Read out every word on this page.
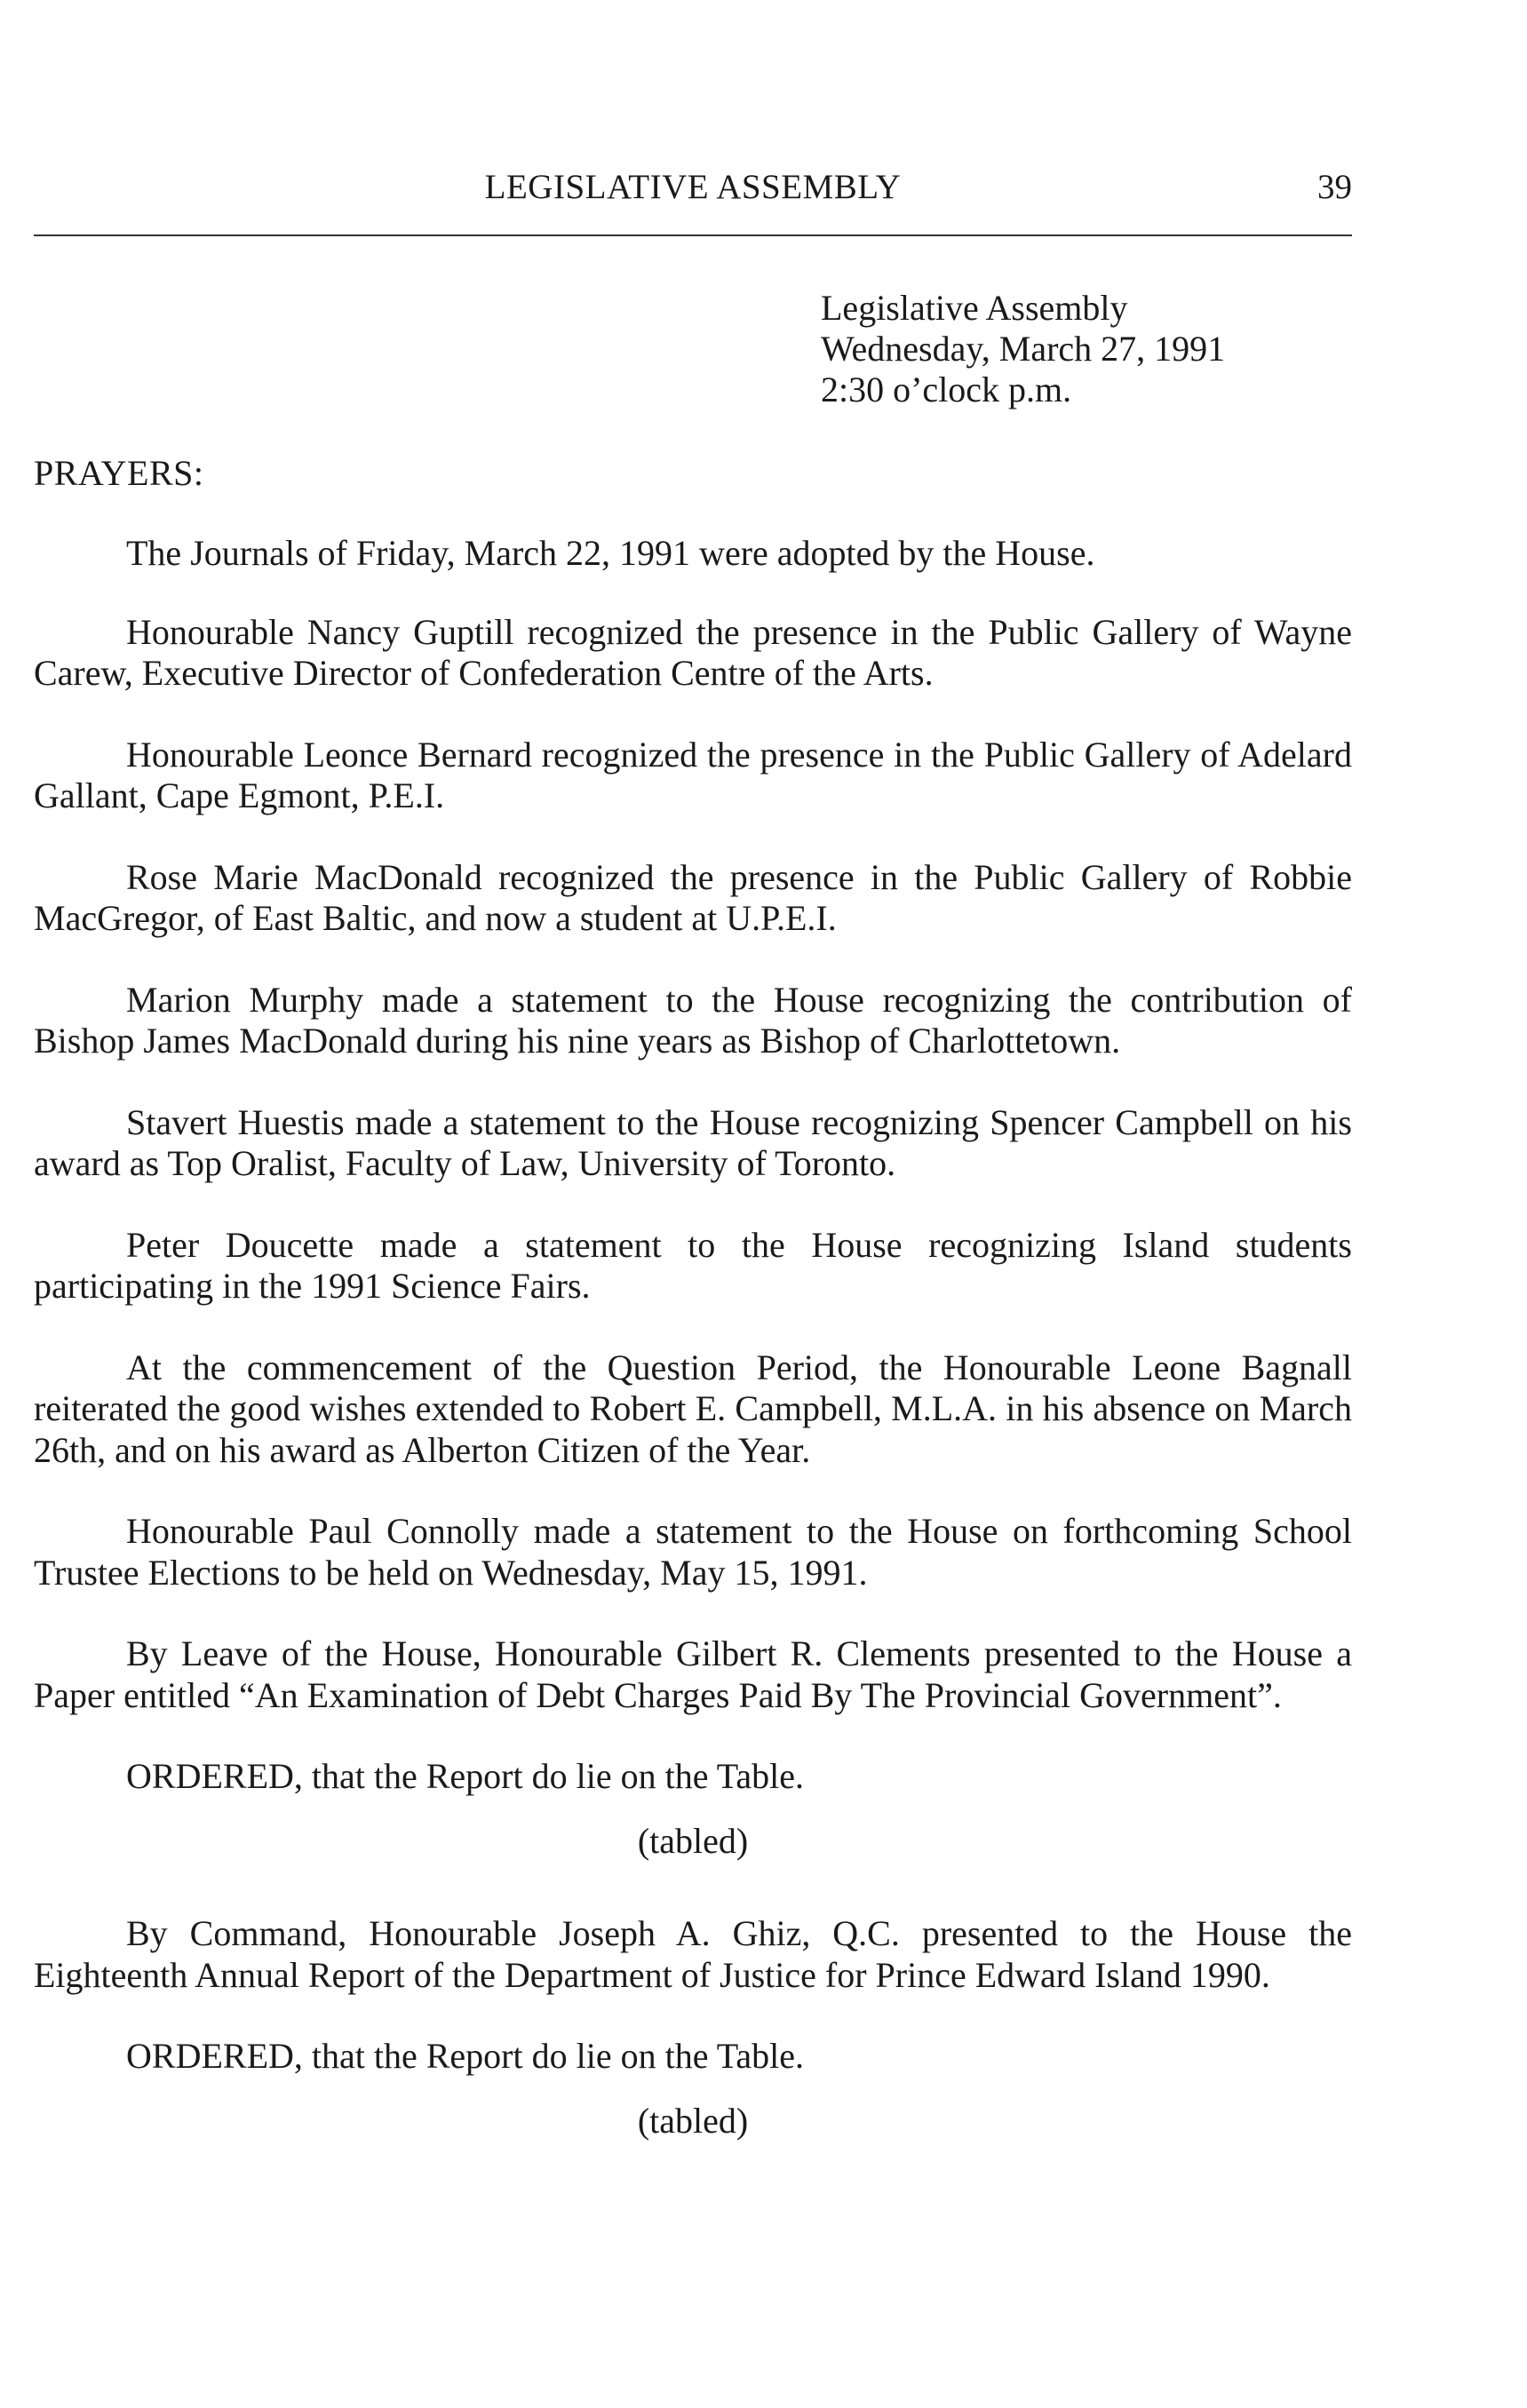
LEGISLATIVE ASSEMBLY	39
Legislative Assembly
Wednesday, March 27, 1991
2:30 o’clock p.m.
PRAYERS:

The Journals of Friday, March 22, 1991 were adopted by the House.

Honourable Nancy Guptill recognized the presence in the Public Gallery of Wayne Carew, Executive Director of Confederation Centre of the Arts.

Honourable Leonce Bernard recognized the presence in the Public Gallery of Adelard Gallant, Cape Egmont, P.E.I.

Rose Marie MacDonald recognized the presence in the Public Gallery of Robbie MacGregor, of East Baltic, and now a student at U.P.E.I.

Marion Murphy made a statement to the House recognizing the contribution of Bishop James MacDonald during his nine years as Bishop of Charlottetown.

Stavert Huestis made a statement to the House recognizing Spencer Campbell on his award as Top Oralist, Faculty of Law, University of Toronto.

Peter Doucette made a statement to the House recognizing Island students participating in the 1991 Science Fairs.

At the commencement of the Question Period, the Honourable Leone Bagnall reiterated the good wishes extended to Robert E. Campbell, M.L.A. in his absence on March 26th, and on his award as Alberton Citizen of the Year.

Honourable Paul Connolly made a statement to the House on forthcoming School Trustee Elections to be held on Wednesday, May 15, 1991.

By Leave of the House, Honourable Gilbert R. Clements presented to the House a Paper entitled “An Examination of Debt Charges Paid By The Provincial Government”.

ORDERED, that the Report do lie on the Table.

(tabled)

By Command, Honourable Joseph A. Ghiz, Q.C. presented to the House the Eighteenth Annual Report of the Department of Justice for Prince Edward Island 1990.

ORDERED, that the Report do lie on the Table.

(tabled)
